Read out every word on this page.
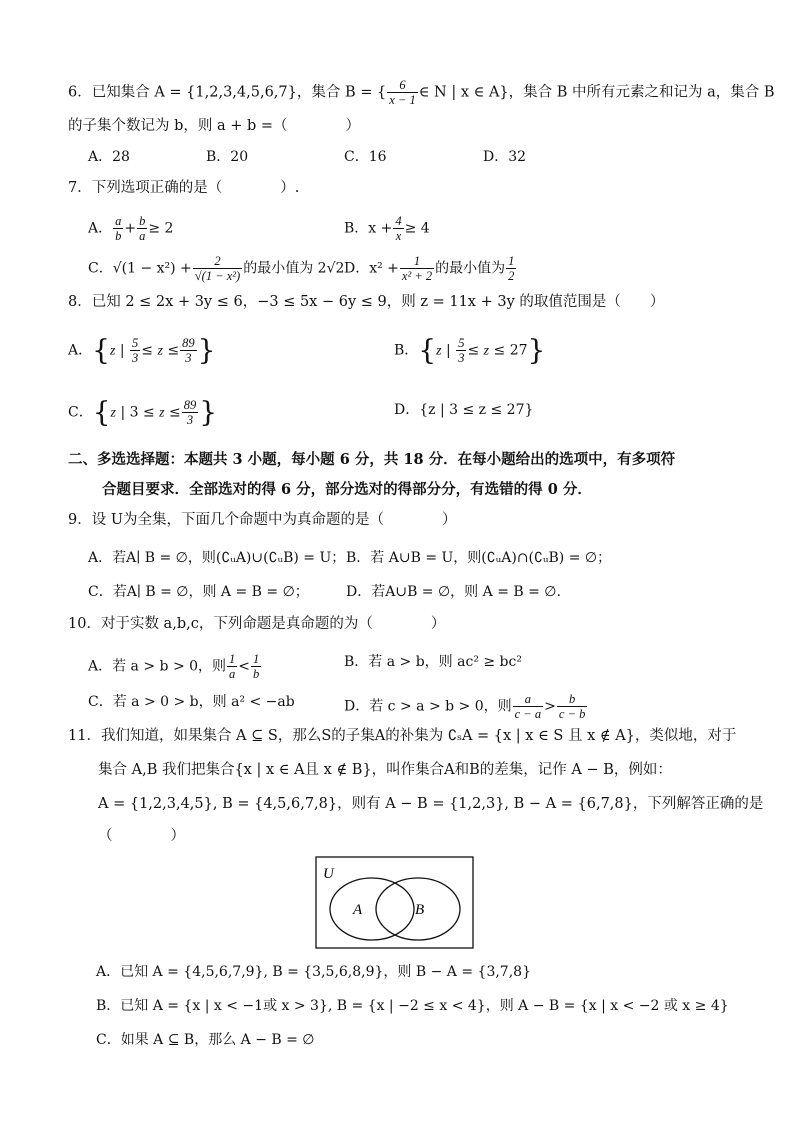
6．已知集合 A = {1,2,3,4,5,6,7}，集合 B = { $\frac{6}{x - 1}$ ∈ N | x ∈ A}，集合 B 中所有元素之和记为 a，集合 B
的子集个数记为 b，则 a + b =（　　　　）
A．28	B．20	C．16	D．32
7．下列选项正确的是（　　　　）.
A． $\frac{a}{b} + \frac{b}{a} \ge 2$	B．$x + \frac{4}{x} \ge 4$
C．$√(1 - x^2) + \frac{2}{\text{√(1 − x²)}}$ 的最小值为 2√2 D．$x^2 + \frac{1}{\text{x² + 2}}$ 的最小值为 $\frac{1}{2}$
8．已知 2 ≤ 2x + 3y ≤ 6，−3 ≤ 5x − 6y ≤ 9，则 z = 11x + 3y 的取值范围是（　　）
A．{z | $\frac{5}{3} \le z \le \frac{89}{3}$ }	B．{z | $\frac{5}{3} \le z \le 27$}
C．{z | $3 \le z \le \frac{89}{3}$ }	D．{z | 3 ≤ z ≤ 27}
二、多选选择题：本题共 3 小题，每小题 6 分，共 18 分．在每小题给出的选项中，有多项符
合题目要求．全部选对的得 6 分，部分选对的得部分分，有选错的得 0 分．
9．设 U为全集，下面几个命题中为真命题的是（　　　　）
A．若A∣ B = ∅，则(∁ᵤA)∪(∁ᵤB) = U； B．若 A∪B = U，则(∁ᵤA)∩(∁ᵤB) = ∅；
C．若A∣ B = ∅，则 A = B = ∅；	D．若A∪B = ∅，则 A = B = ∅.
10．对于实数 a,b,c，下列命题是真命题的为（　　　　）
A．若 a > b > 0，则 $\frac{1}{a} < \frac{1}{b}$	B．若 a > b，则 ac² ≥ bc²
C．若 a > 0 > b，则 a² < −ab	D．若 c > a > b > 0，则 $\frac{a}{c - a} > \frac{b}{c - b}$
11．我们知道，如果集合 A ⊆ S，那么S的子集A的补集为 ∁ₛA = {x | x ∈ S 且 x ∉ A}，类似地，对于
集合 A,B 我们把集合{x | x ∈ A且 x ∉ B}，叫作集合A和B的差集，记作 A − B，例如：
A = {1,2,3,4,5}, B = {4,5,6,7,8}，则有 A − B = {1,2,3}, B − A = {6,7,8}，下列解答正确的是
（　　　　）
U
A	B
A．已知 A = {4,5,6,7,9}, B = {3,5,6,8,9}，则 B − A = {3,7,8}
B．已知 A = {x | x < −1或 x > 3}, B = {x | −2 ≤ x < 4}，则 A − B = {x | x < −2 或 x ≥ 4}
C．如果 A ⊆ B，那么 A − B = ∅
